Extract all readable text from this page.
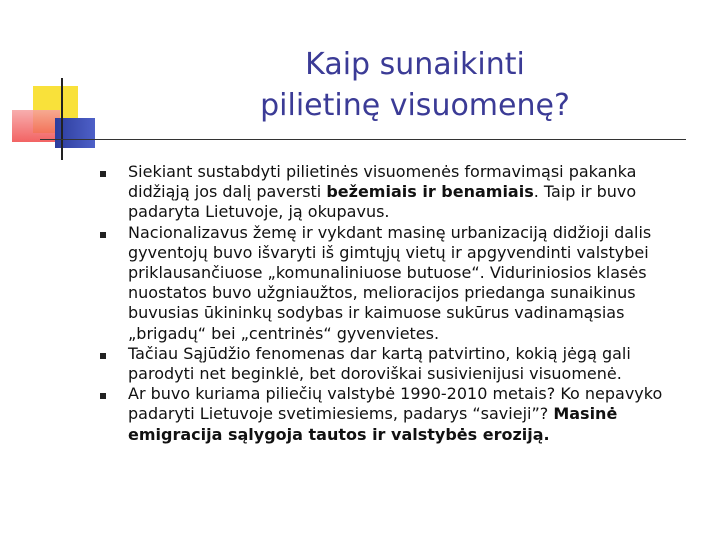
Kaip sunaikinti
pilietinę visuomenę?
Siekiant sustabdyti pilietinės visuomenės formavimąsi pakanka didžiąją jos dalį paversti bežemiais ir benamiais. Taip ir buvo padaryta Lietuvoje, ją okupavus.
Nacionalizavus žemę ir vykdant masinę urbanizaciją didžioji dalis gyventojų buvo išvaryti iš gimtųjų vietų ir apgyvendinti valstybei priklausančiuose „komunaliniuose butuose“. Viduriniosios klasės nuostatos buvo užgniaužtos, melioracijos priedanga sunaikinus buvusias ūkininkų sodybas ir kaimuose sukūrus vadinamąsias „brigadų“ bei „centrinės“ gyvenvietes.
Tačiau Sąjūdžio fenomenas dar kartą patvirtino, kokią jėgą gali parodyti net beginklė, bet doroviškai susivienijusi visuomenė.
Ar buvo kuriama piliečių valstybė 1990-2010 metais? Ko nepavyko padaryti Lietuvoje svetimiesiems, padarys “savieji”? Masinė emigracija sąlygoja tautos ir valstybės eroziją.
